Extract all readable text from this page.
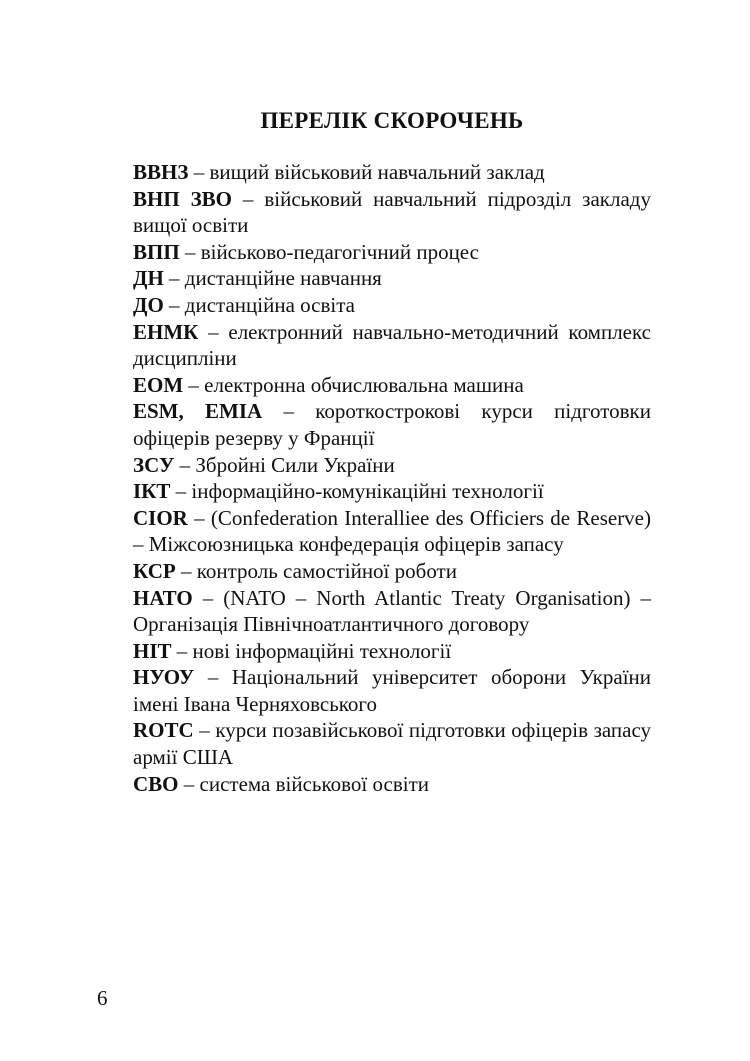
ПЕРЕЛІК СКОРОЧЕНЬ
ВВНЗ – вищий військовий навчальний заклад
ВНП ЗВО – військовий навчальний підрозділ закладу вищої освіти
ВПП – військово-педагогічний процес
ДН – дистанційне навчання
ДО – дистанційна освіта
ЕНМК – електронний навчально-методичний комплекс дисципліни
ЕОМ – електронна обчислювальна машина
ESM, EMIA – короткострокові курси підготовки офіцерів резерву у Франції
ЗСУ – Збройні Сили України
ІКТ – інформаційно-комунікаційні технології
CIOR – (Confederation Interalliee des Officiers de Reserve) – Міжсоюзницька конфедерація офіцерів запасу
КСР – контроль самостійної роботи
НАТО – (NATO – North Atlantic Treaty Organisation) – Організація Північноатлантичного договору
НІТ – нові інформаційні технології
НУОУ – Національний університет оборони України імені Івана Черняховського
ROTC – курси позавійськової підготовки офіцерів запасу армії США
СВО – система військової освіти
6
